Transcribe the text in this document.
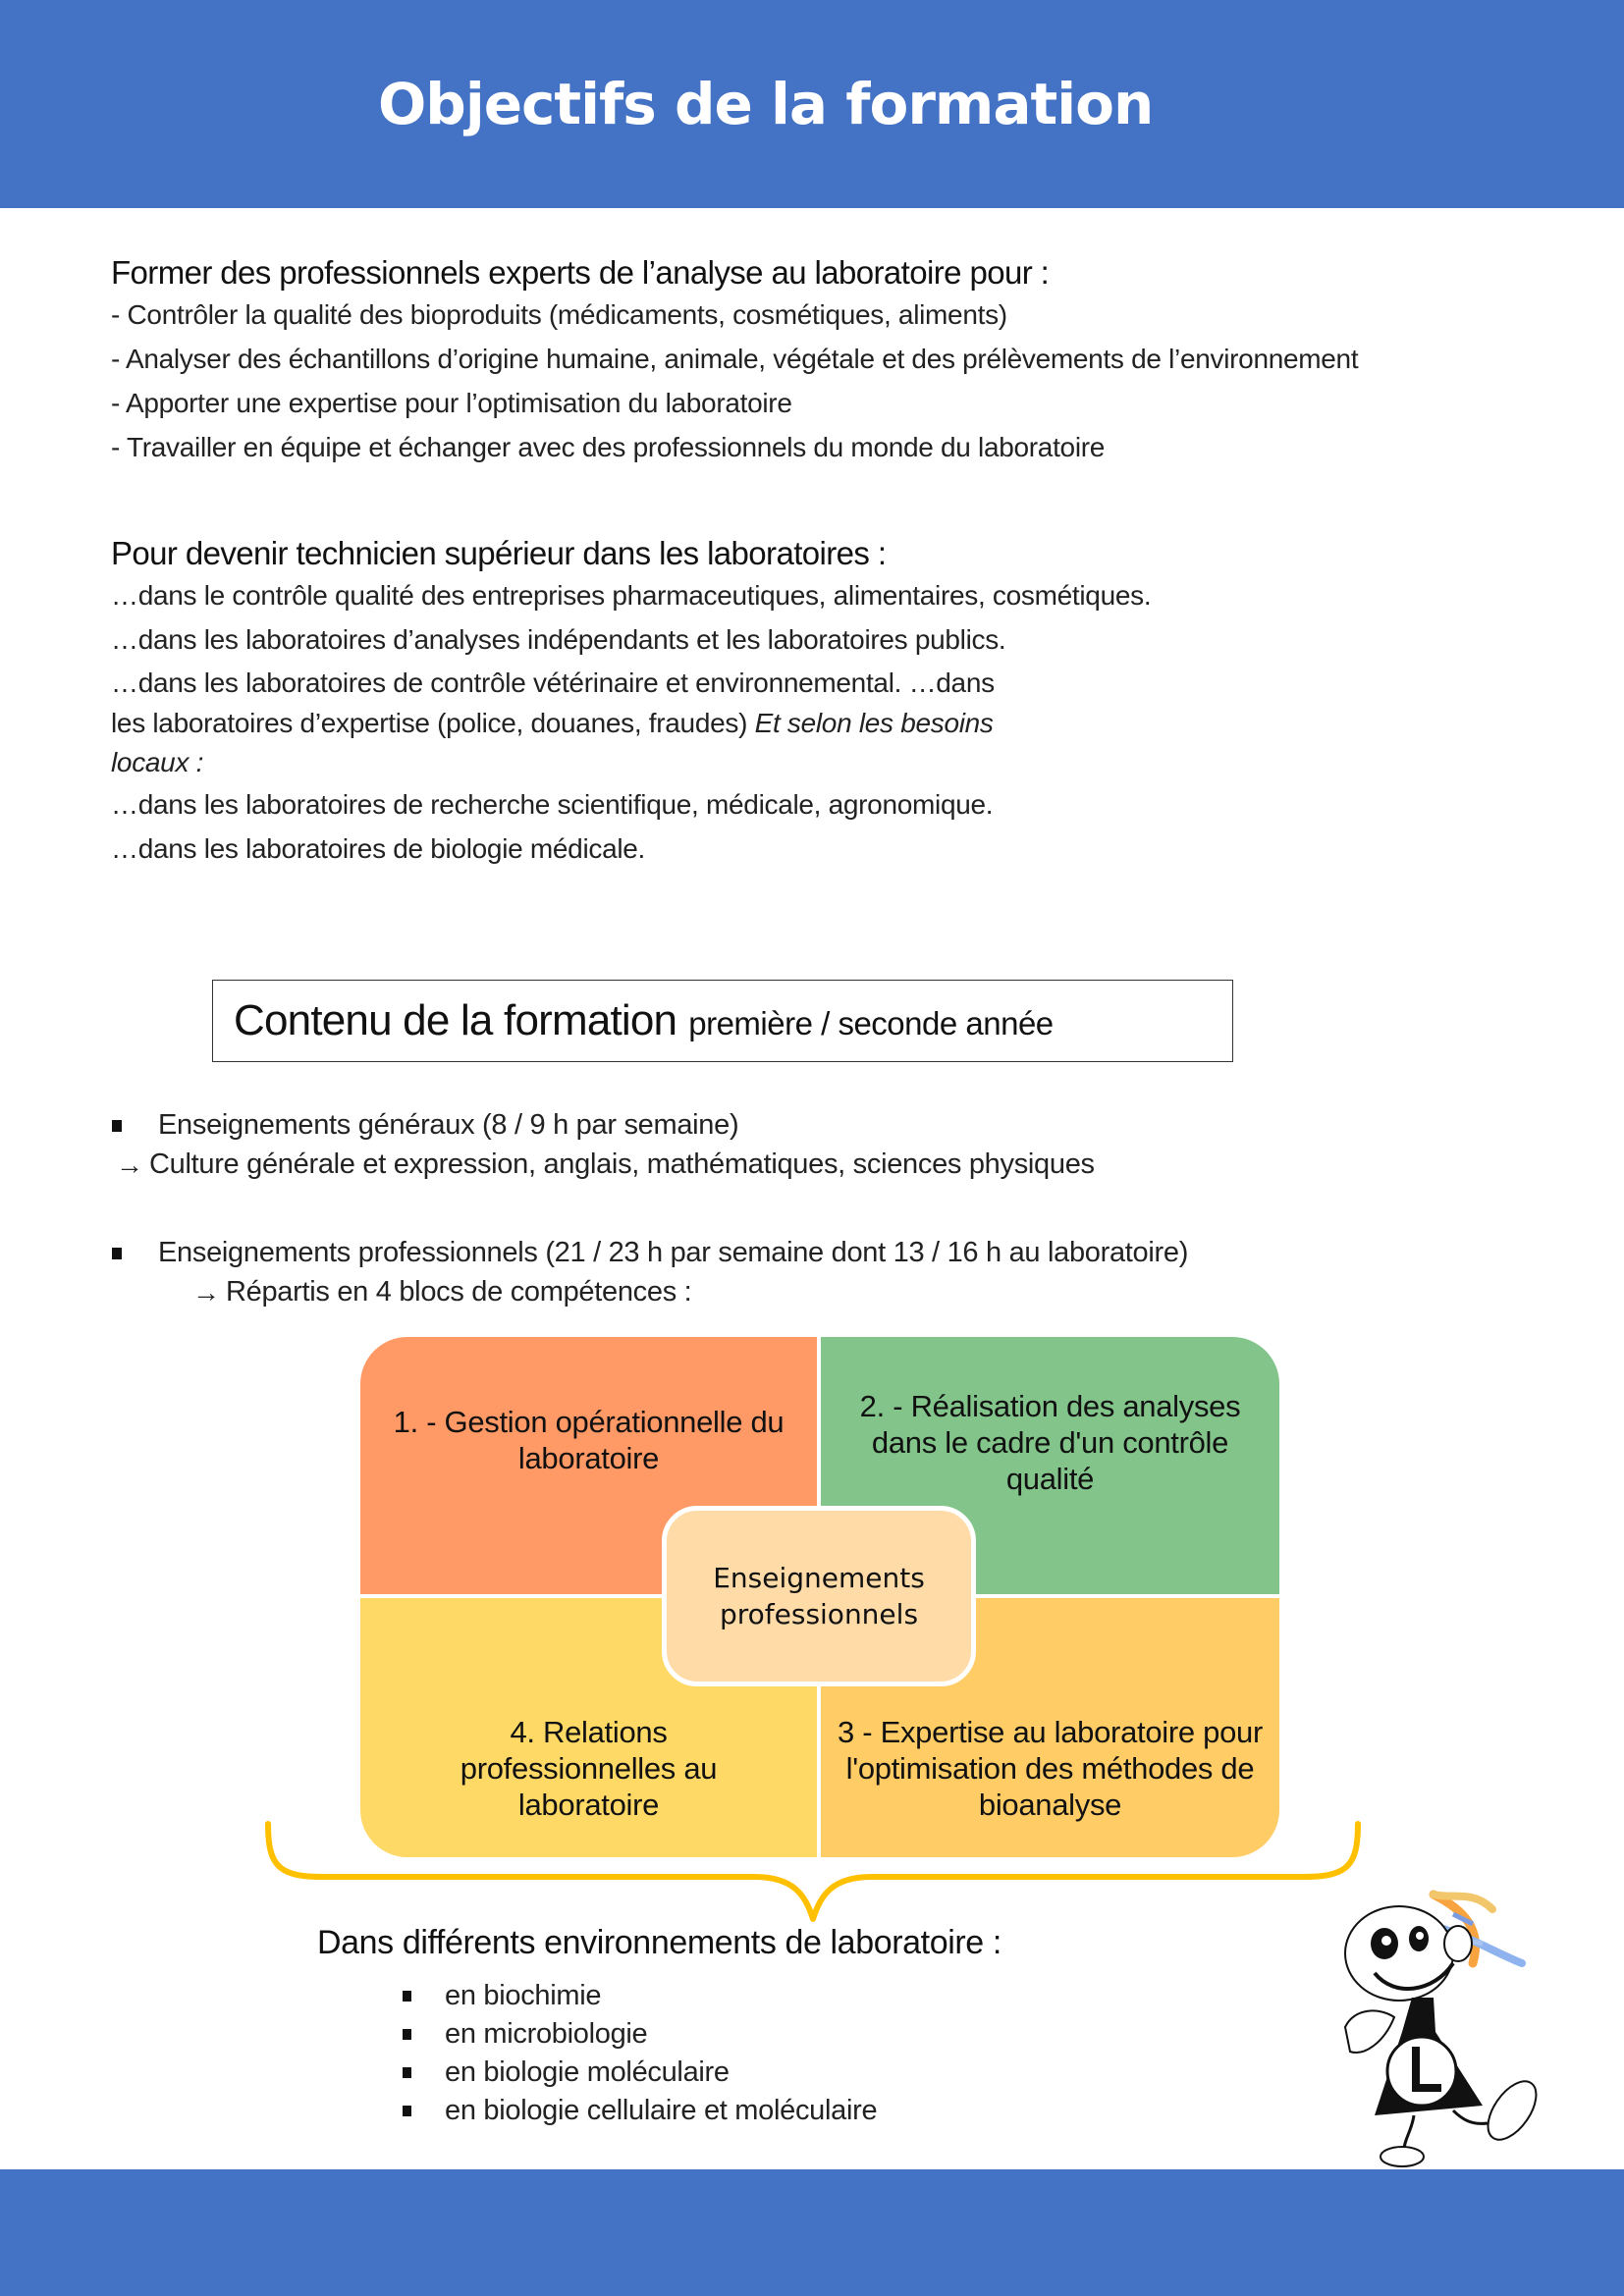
Objectifs de la formation
Former des professionnels experts de l’analyse au laboratoire pour :
- Contrôler la qualité des bioproduits (médicaments, cosmétiques, aliments)
- Analyser des échantillons d’origine humaine, animale, végétale et des prélèvements de l’environnement
- Apporter une expertise pour l’optimisation du laboratoire
- Travailler en équipe et échanger avec des professionnels du monde du laboratoire
Pour devenir technicien supérieur dans les laboratoires :
…dans le contrôle qualité des entreprises pharmaceutiques, alimentaires, cosmétiques.
…dans les laboratoires d’analyses indépendants et les laboratoires publics.
…dans les laboratoires de contrôle vétérinaire et environnemental. …dans
les laboratoires d’expertise (police, douanes, fraudes) Et selon les besoins
locaux :
…dans les laboratoires de recherche scientifique, médicale, agronomique.
…dans les laboratoires de biologie médicale.
Contenu de la formation première / seconde année
Enseignements généraux (8 / 9 h par semaine)
→ Culture générale et expression, anglais, mathématiques, sciences physiques
Enseignements professionnels (21 / 23 h par semaine dont 13 / 16 h au laboratoire)
→ Répartis en 4 blocs de compétences :
1. - Gestion opérationnelle du laboratoire
2. - Réalisation des analyses dans le cadre d'un contrôle qualité
4. Relations professionnelles au laboratoire
3 - Expertise au laboratoire pour l'optimisation des méthodes de bioanalyse
Enseignements professionnels
Dans différents environnements de laboratoire :
en biochimie
en microbiologie
en biologie moléculaire
en biologie cellulaire et moléculaire
